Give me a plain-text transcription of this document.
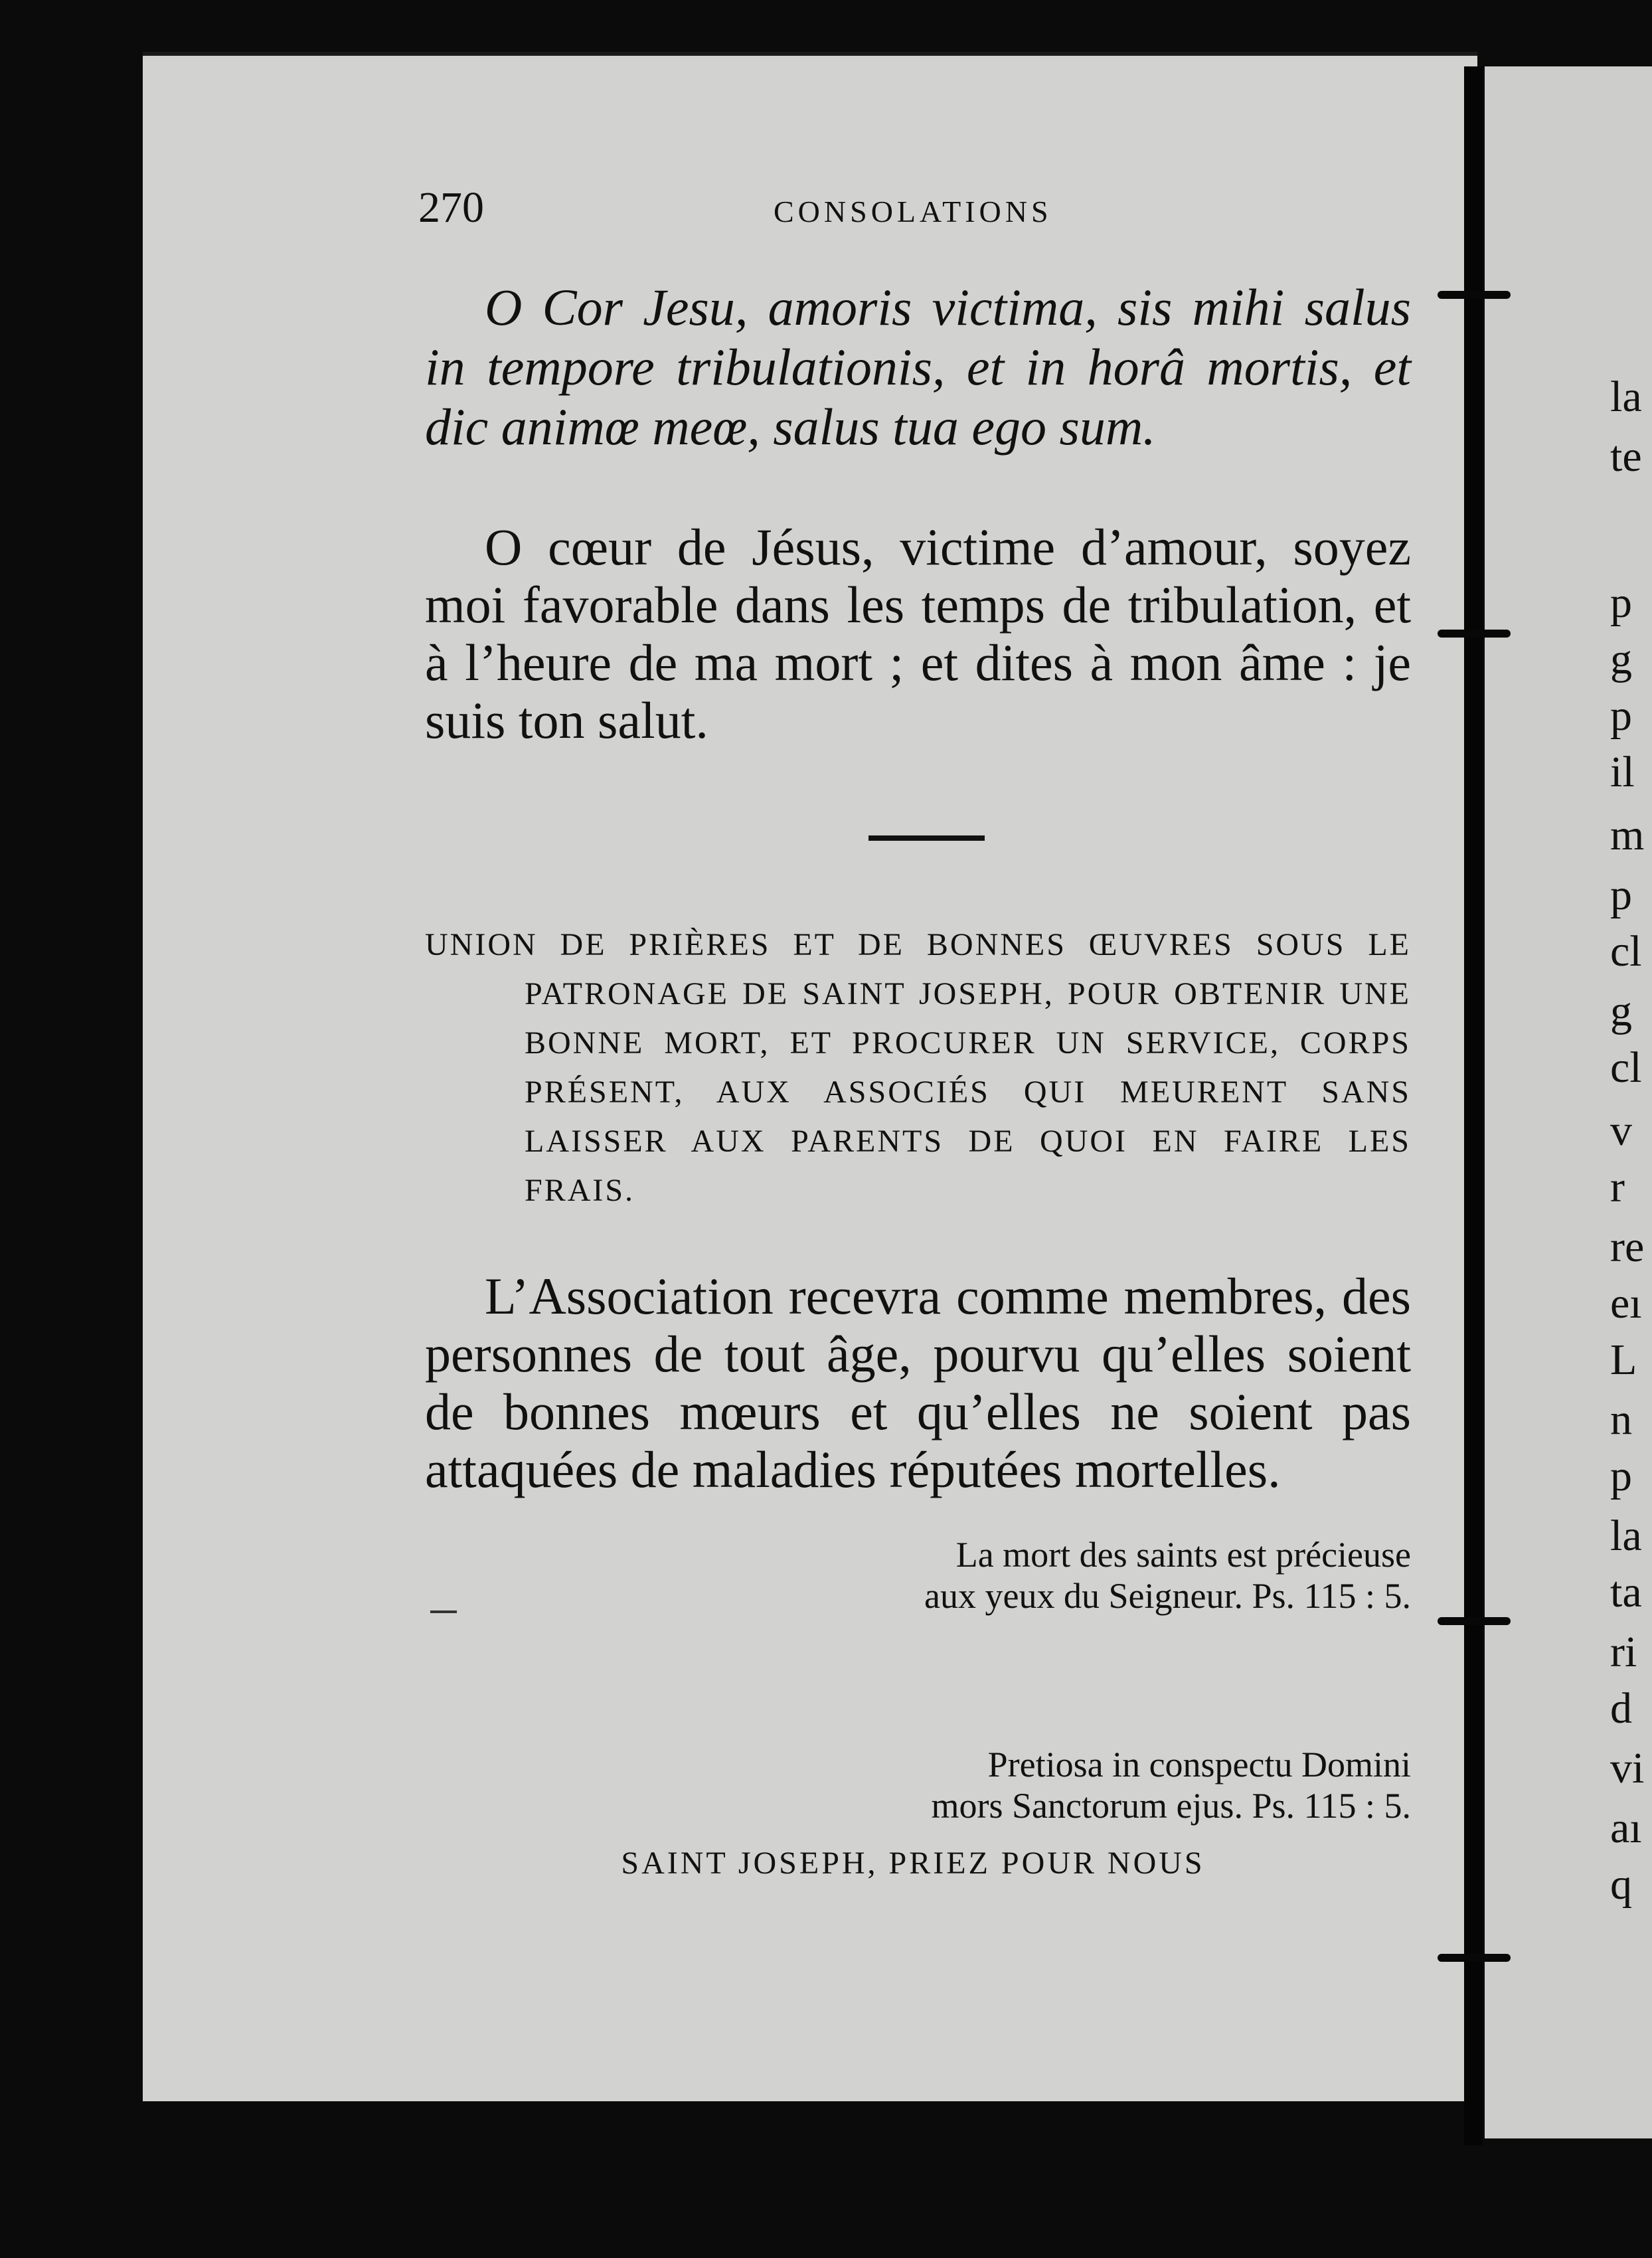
la
te
p
g
p
il
m
p
cl
g
cl
v
r
re
eı
L
n
p
la
ta
ri
d
vi
aı
q
270	CONSOLATIONS
O Cor Jesu, amoris victima, sis mihi salus in tempore tribulationis, et in horâ mortis, et dic animœ meœ, salus tua ego sum.
O cœur de Jésus, victime d’amour, soyez moi favorable dans les temps de tribulation, et à l’heure de ma mort ; et dites à mon âme : je suis ton salut.
UNION DE PRIÈRES ET DE BONNES ŒUVRES SOUS LE PATRONAGE DE SAINT JOSEPH, POUR OBTENIR UNE BONNE MORT, ET PROCURER UN SERVICE, CORPS PRÉSENT, AUX ASSOCIÉS QUI MEURENT SANS LAISSER AUX PARENTS DE QUOI EN FAIRE LES FRAIS.
L’Association recevra comme membres, des personnes de tout âge, pourvu qu’elles soient de bonnes mœurs et qu’elles ne soient pas attaquées de maladies réputées mortelles.
La mort des saints est précieuse
aux yeux du Seigneur. Ps. 115 : 5.
Pretiosa in conspectu Domini
mors Sanctorum ejus. Ps. 115 : 5.
SAINT JOSEPH, PRIEZ POUR NOUS
